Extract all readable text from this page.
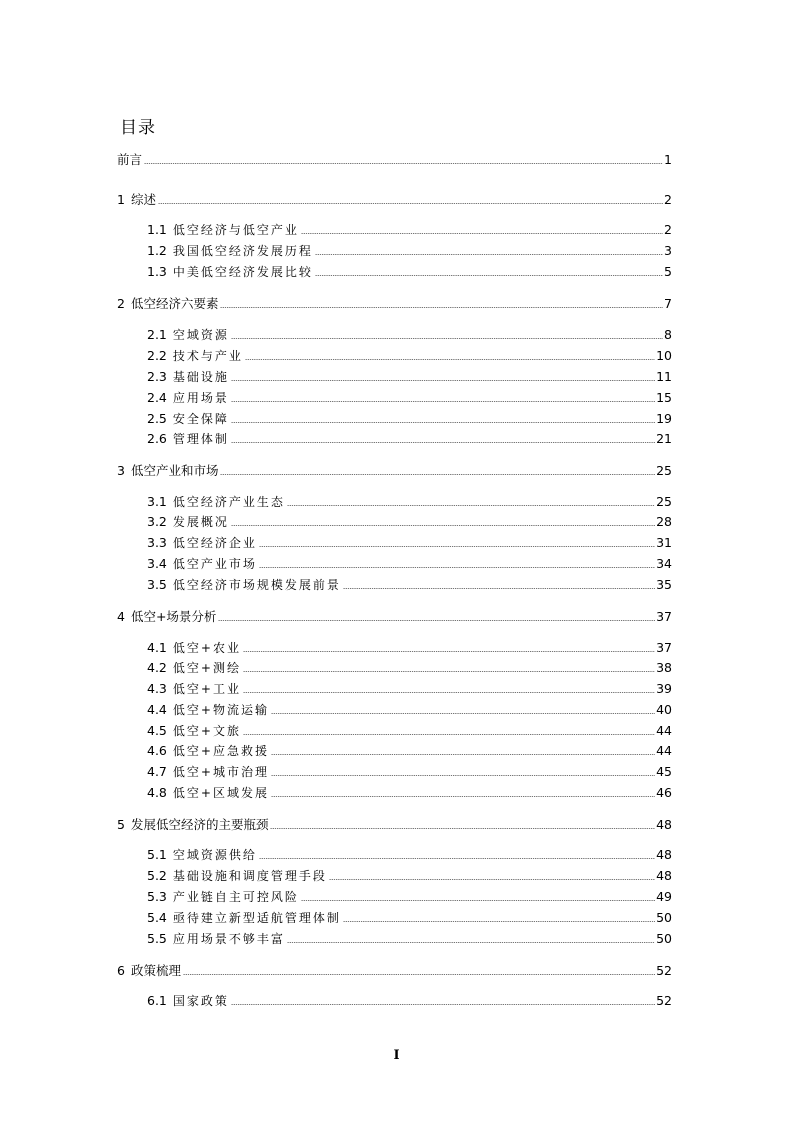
目录
前言	1
1 综述	2
1.1 低空经济与低空产业	2
1.2 我国低空经济发展历程	3
1.3 中美低空经济发展比较	5
2 低空经济六要素	7
2.1 空域资源	8
2.2 技术与产业	10
2.3 基础设施	11
2.4 应用场景	15
2.5 安全保障	19
2.6 管理体制	21
3 低空产业和市场	25
3.1 低空经济产业生态	25
3.2 发展概况	28
3.3 低空经济企业	31
3.4 低空产业市场	34
3.5 低空经济市场规模发展前景	35
4 低空+场景分析	37
4.1 低空+农业	37
4.2 低空+测绘	38
4.3 低空+工业	39
4.4 低空+物流运输	40
4.5 低空+文旅	44
4.6 低空+应急救援	44
4.7 低空+城市治理	45
4.8 低空+区域发展	46
5 发展低空经济的主要瓶颈	48
5.1 空域资源供给	48
5.2 基础设施和调度管理手段	48
5.3 产业链自主可控风险	49
5.4 亟待建立新型适航管理体制	50
5.5 应用场景不够丰富	50
6 政策梳理	52
6.1 国家政策	52
I
